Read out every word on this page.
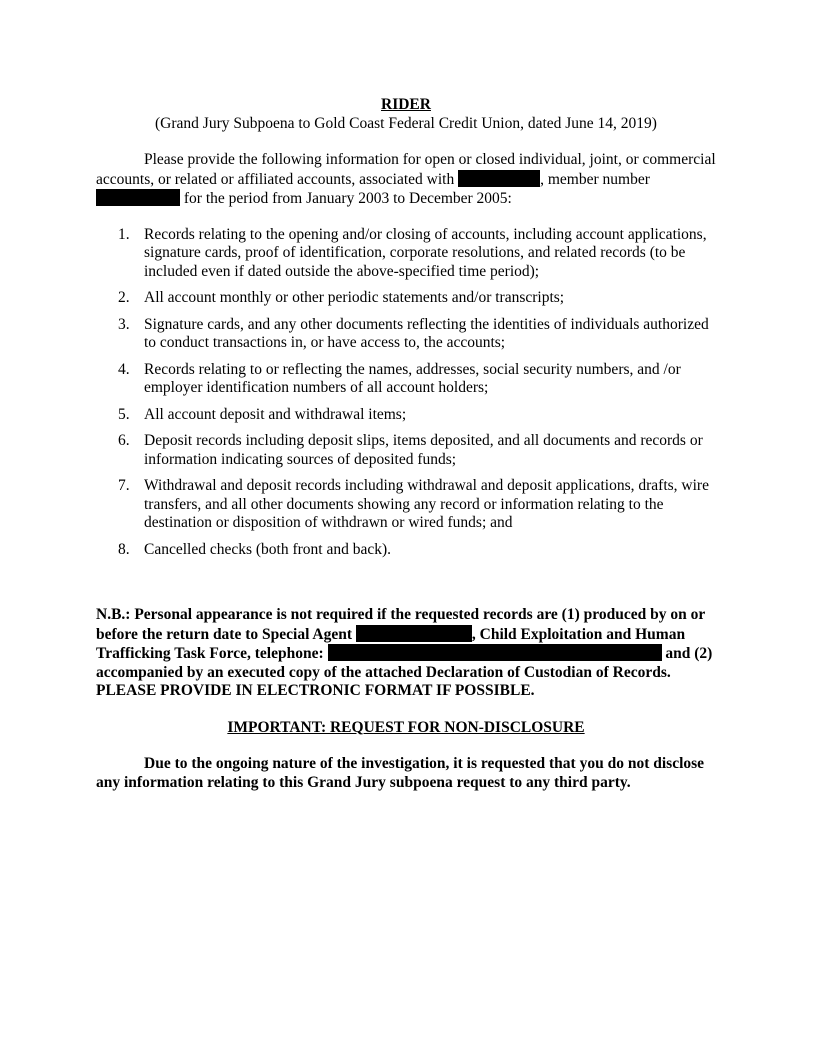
RIDER
(Grand Jury Subpoena to Gold Coast Federal Credit Union, dated June 14, 2019)

Please provide the following information for open or closed individual, joint, or commercial accounts, or related or affiliated accounts, associated with	, member number  for the period from January 2003 to December 2005:

1. Records relating to the opening and/or closing of accounts, including account applications, signature cards, proof of identification, corporate resolutions, and related records (to be included even if dated outside the above-specified time period);
2. All account monthly or other periodic statements and/or transcripts;
3. Signature cards, and any other documents reflecting the identities of individuals authorized to conduct transactions in, or have access to, the accounts;
4. Records relating to or reflecting the names, addresses, social security numbers, and /or employer identification numbers of all account holders;
5. All account deposit and withdrawal items;
6. Deposit records including deposit slips, items deposited, and all documents and records or information indicating sources of deposited funds;
7. Withdrawal and deposit records including withdrawal and deposit applications, drafts, wire transfers, and all other documents showing any record or information relating to the destination or disposition of withdrawn or wired funds; and
8. Cancelled checks (both front and back).

N.B.: Personal appearance is not required if the requested records are (1) produced by on or before the return date to Special Agent	, Child Exploitation and Human Trafficking Task Force, telephone:	and (2) accompanied by an executed copy of the attached Declaration of Custodian of Records. PLEASE PROVIDE IN ELECTRONIC FORMAT IF POSSIBLE.

IMPORTANT: REQUEST FOR NON-DISCLOSURE

Due to the ongoing nature of the investigation, it is requested that you do not disclose any information relating to this Grand Jury subpoena request to any third party.
